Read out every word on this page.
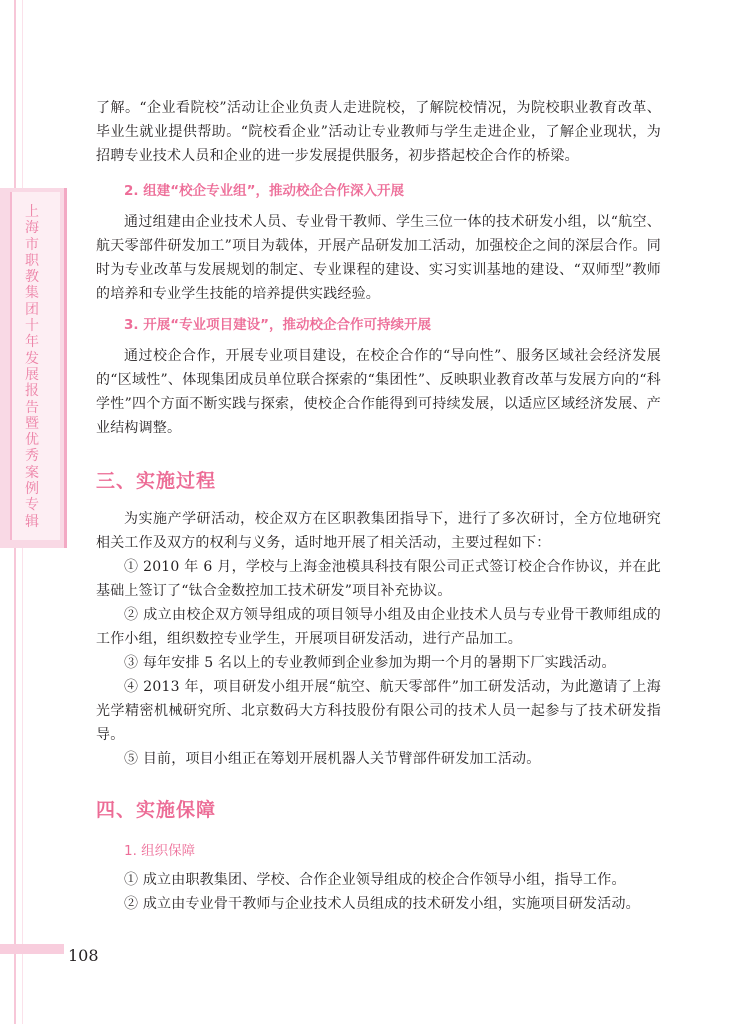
上海市职教集团十年发展报告暨优秀案例专辑

了解。“企业看院校”活动让企业负责人走进院校，了解院校情况，为院校职业教育改革、毕业生就业提供帮助。“院校看企业”活动让专业教师与学生走进企业，了解企业现状，为招聘专业技术人员和企业的进一步发展提供服务，初步搭起校企合作的桥梁。

2. 组建“校企专业组”，推动校企合作深入开展

通过组建由企业技术人员、专业骨干教师、学生三位一体的技术研发小组，以“航空、航天零部件研发加工”项目为载体，开展产品研发加工活动，加强校企之间的深层合作。同时为专业改革与发展规划的制定、专业课程的建设、实习实训基地的建设、“双师型”教师的培养和专业学生技能的培养提供实践经验。

3. 开展“专业项目建设”，推动校企合作可持续开展

通过校企合作，开展专业项目建设，在校企合作的“导向性”、服务区域社会经济发展的“区域性”、体现集团成员单位联合探索的“集团性”、反映职业教育改革与发展方向的“科学性”四个方面不断实践与探索，使校企合作能得到可持续发展，以适应区域经济发展、产业结构调整。

三、实施过程

为实施产学研活动，校企双方在区职教集团指导下，进行了多次研讨，全方位地研究相关工作及双方的权利与义务，适时地开展了相关活动，主要过程如下：

① 2010 年 6 月，学校与上海金池模具科技有限公司正式签订校企合作协议，并在此基础上签订了“钛合金数控加工技术研发”项目补充协议。

② 成立由校企双方领导组成的项目领导小组及由企业技术人员与专业骨干教师组成的工作小组，组织数控专业学生，开展项目研发活动，进行产品加工。

③ 每年安排 5 名以上的专业教师到企业参加为期一个月的暑期下厂实践活动。

④ 2013 年，项目研发小组开展“航空、航天零部件”加工研发活动，为此邀请了上海光学精密机械研究所、北京数码大方科技股份有限公司的技术人员一起参与了技术研发指导。

⑤ 目前，项目小组正在筹划开展机器人关节臂部件研发加工活动。

四、实施保障

1. 组织保障

① 成立由职教集团、学校、合作企业领导组成的校企合作领导小组，指导工作。

② 成立由专业骨干教师与企业技术人员组成的技术研发小组，实施项目研发活动。

108
